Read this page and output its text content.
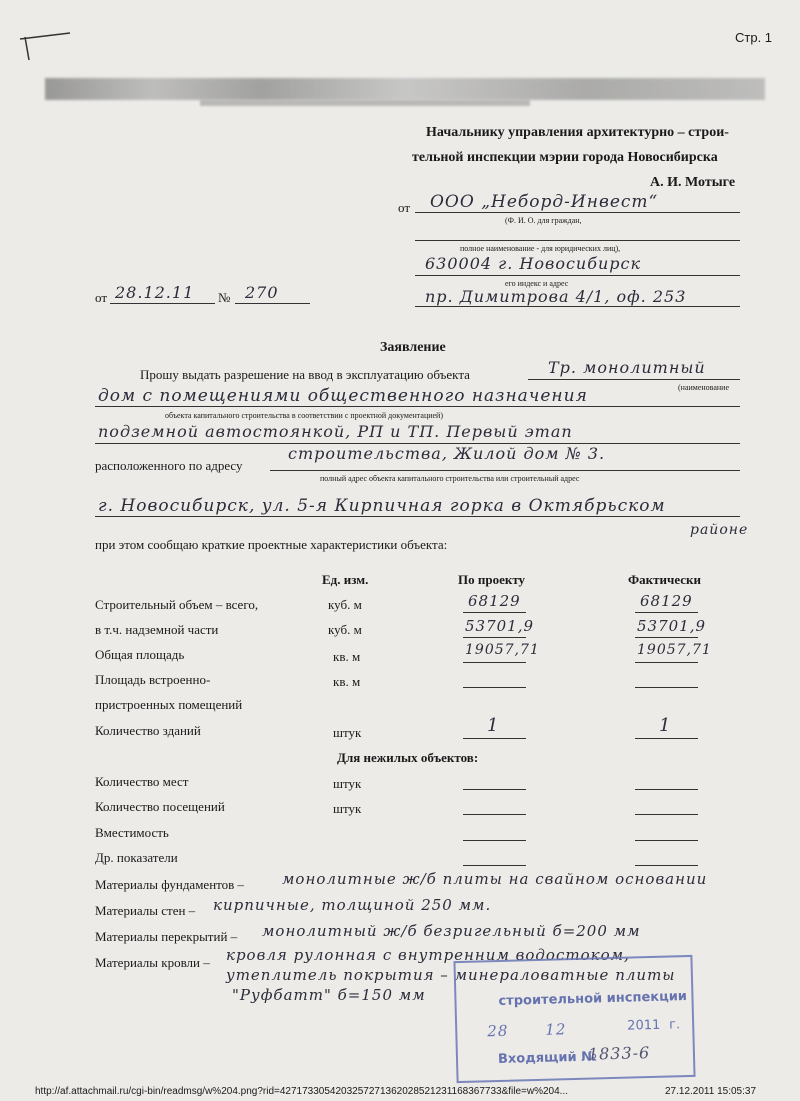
Стр. 1
Начальнику управления архитектурно – строи-
тельной инспекции мэрии города Новосибирска
А. И. Мотыге
от ООО „Неборд-Инвест“
(Ф. И. О. для граждан,
полное наименование - для юридических лиц),
630004 г. Новосибирск
его индекс и адрес
пр. Димитрова 4/1, оф. 253
от 28.12.11 № 270
Заявление
Прошу выдать разрешение на ввод в эксплуатацию объекта	Тр. монолитный
(наименование
дом с помещениями общественного назначения
объекта капитального строительства в соответствии с проектной документацией)
подземной автостоянкой, РП и ТП. Первый этап
расположенного по адресу
строительства, Жилой дом № 3.
полный адрес объекта капитального строительства или строительный адрес
г. Новосибирск, ул. 5-я Кирпичная горка в Октябрьском
районе
при этом сообщаю краткие проектные характеристики объекта:
Ед. изм.	По проекту	Фактически
Строительный объем – всего,	куб. м	68129	68129
в т.ч. надземной части	куб. м	53701,9	53701,9
Общая площадь	кв. м	19057,71	19057,71
Площадь встроенно-	кв. м
пристроенных помещений
Количество зданий	штук	1	1
Для нежилых объектов:
Количество мест	штук
Количество посещений	штук
Вместимость
Др. показатели
Материалы фундаментов –	монолитные ж/б плиты на свайном основании
Материалы стен – кирпичные, толщиной 250 мм.
Материалы перекрытий – монолитный ж/б безригельный б=200 мм
Материалы кровли – кровля рулонная с внутренним водостоком,
утеплитель покрытия – минераловатные плиты
"Руфбатт" б=150 мм	строительной инспекции
28 12	2011 г.
Входящий №
1833-6
http://af.attachmail.ru/cgi-bin/readmsg/w%204.png?rid=4271733054203257271362028521231168367733&file=w%204...	27.12.2011 15:05:37
